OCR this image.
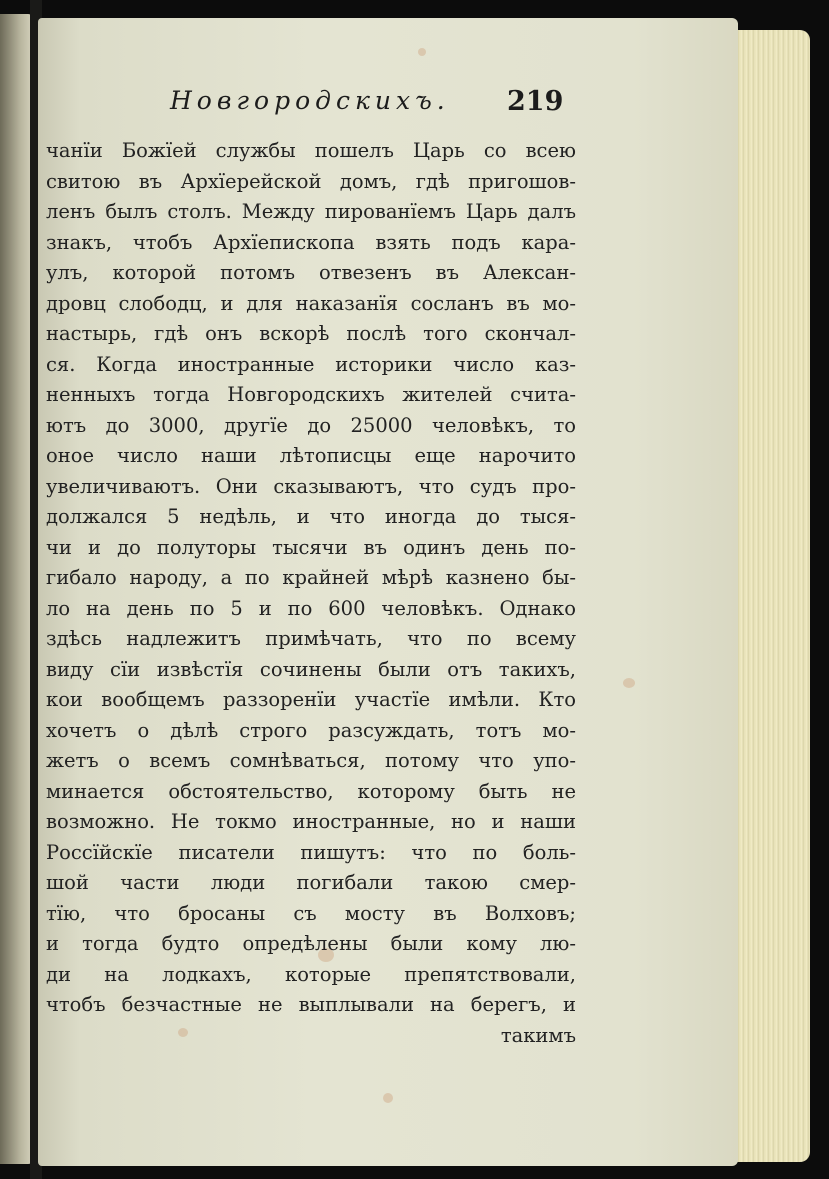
Новгородскихъ. 219
чанїи Божїей службы пошелъ Царь со всею
свитою въ Архїерейской домъ, гдѣ пригошов-
ленъ былъ столъ. Между пированїемъ Царь далъ
знакъ, чтобъ Архїепископа взять подъ кара-
улъ, которой потомъ отвезенъ въ Алексан-
дровц слободц, и для наказанїя сосланъ въ мо-
настырь, гдѣ онъ вскорѣ послѣ того скончал-
ся. Когда иностранные историки число каз-
ненныхъ тогда Новгородскихъ жителей счита-
ютъ до 3000, другїе до 25000 человѣкъ, то
оное число наши лѣтописцы еще нарочито
увеличиваютъ. Они сказываютъ, что судъ про-
должался 5 недѣль, и что иногда до тыся-
чи и до полуторы тысячи въ одинъ день по-
гибало народу, а по крайней мѣрѣ казнено бы-
ло на день по 5 и по 600 человѣкъ. Однако
здѣсь надлежитъ примѣчать, что по всему
виду сїи извѣстїя сочинены были отъ такихъ,
кои вообщемъ раззоренїи участїе имѣли. Кто
хочетъ о дѣлѣ строго разсуждать, тотъ мо-
жетъ о всемъ сомнѣваться, потому что упо-
минается обстоятельство, которому быть не
возможно. Не токмо иностранные, но и наши
Россїйскїе писатели пишутъ: что по боль-
шой части люди погибали такою смер-
тїю, что бросаны съ мосту въ Волховъ;
и тогда будто опредѣлены были кому лю-
ди на лодкахъ, которые препятствовали,
чтобъ безчастные не выплывали на берегъ, и
такимъ
